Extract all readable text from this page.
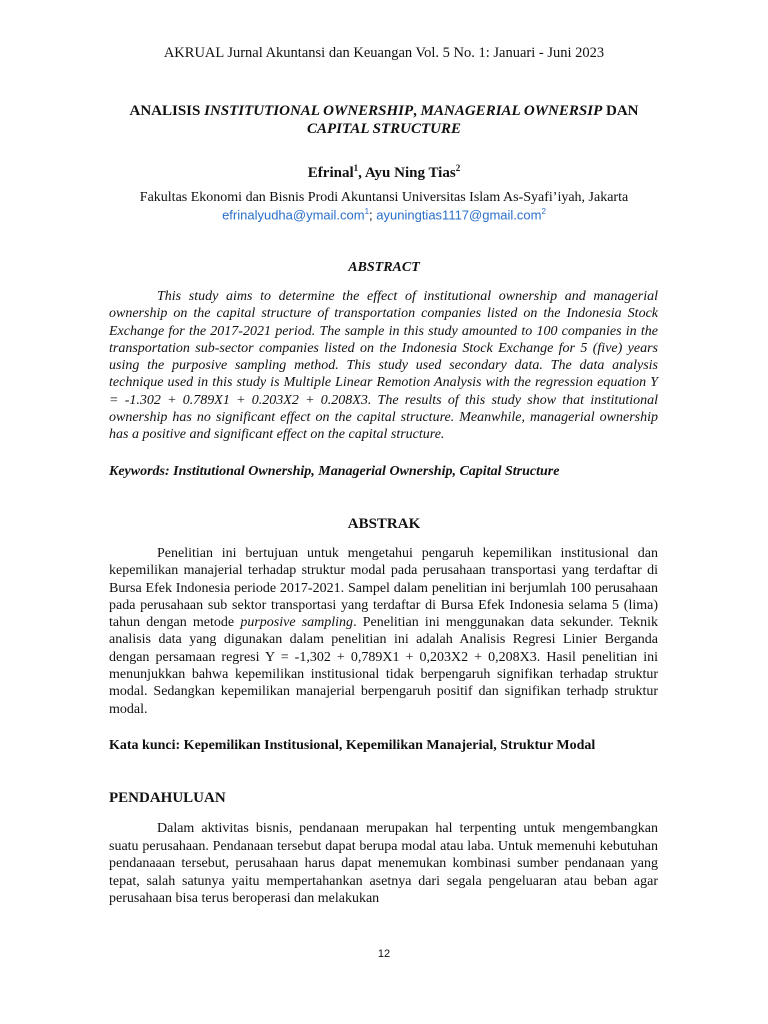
AKRUAL Jurnal Akuntansi dan Keuangan Vol. 5 No. 1: Januari - Juni 2023
ANALISIS INSTITUTIONAL OWNERSHIP, MANAGERIAL OWNERSIP DAN
CAPITAL STRUCTURE
Efrinal$^1$, Ayu Ning Tias$^2$
Fakultas Ekonomi dan Bisnis Prodi Akuntansi Universitas Islam As-Syafi’iyah, Jakarta
efrinalyudha@ymail.com$^1$; ayuningtias1117@gmail.com$^2$
ABSTRACT

This study aims to determine the effect of institutional ownership and managerial ownership on the capital structure of transportation companies listed on the Indonesia Stock Exchange for the 2017-2021 period. The sample in this study amounted to 100 companies in the transportation sub-sector companies listed on the Indonesia Stock Exchange for 5 (five) years using the purposive sampling method. This study used secondary data. The data analysis technique used in this study is Multiple Linear Remotion Analysis with the regression equation Y = -1.302 + 0.789X1 + 0.203X2 + 0.208X3. The results of this study show that institutional ownership has no significant effect on the capital structure. Meanwhile, managerial ownership has a positive and significant effect on the capital structure.

Keywords: Institutional Ownership, Managerial Ownership, Capital Structure
ABSTRAK

Penelitian ini bertujuan untuk mengetahui pengaruh kepemilikan institusional dan kepemilikan manajerial terhadap struktur modal pada perusahaan transportasi yang terdaftar di Bursa Efek Indonesia periode 2017-2021. Sampel dalam penelitian ini berjumlah 100 perusahaan pada perusahaan sub sektor transportasi yang terdaftar di Bursa Efek Indonesia selama 5 (lima) tahun dengan metode purposive sampling. Penelitian ini menggunakan data sekunder. Teknik analisis data yang digunakan dalam penelitian ini adalah Analisis Regresi Linier Berganda dengan persamaan regresi Y = -1,302 + 0,789X1 + 0,203X2 + 0,208X3. Hasil penelitian ini menunjukkan bahwa kepemilikan institusional tidak berpengaruh signifikan terhadap struktur modal. Sedangkan kepemilikan manajerial berpengaruh positif dan signifikan terhadp struktur modal.

Kata kunci: Kepemilikan Institusional, Kepemilikan Manajerial, Struktur Modal
PENDAHULUAN

Dalam aktivitas bisnis, pendanaan merupakan hal terpenting untuk mengembangkan suatu perusahaan. Pendanaan tersebut dapat berupa modal atau laba. Untuk memenuhi kebutuhan pendanaaan tersebut, perusahaan harus dapat menemukan kombinasi sumber pendanaan yang tepat, salah satunya yaitu mempertahankan asetnya dari segala pengeluaran atau beban agar perusahaan bisa terus beroperasi dan melakukan

12
